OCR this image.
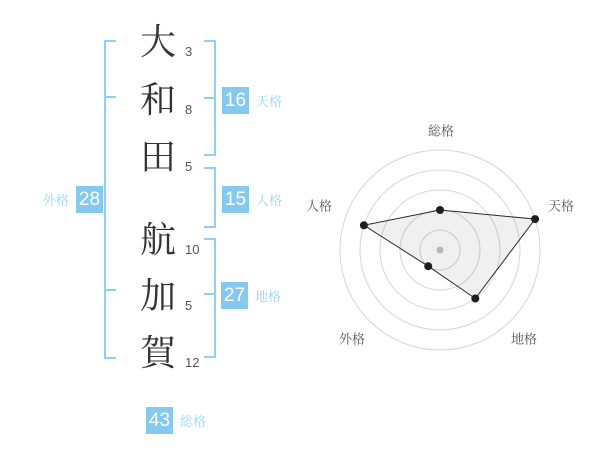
大 3
和 8
田 5
航 10
加 5
賀 12
16 天格
15 人格
27 地格
外格 28
43 総格
総格
天格
地格
外格
人格
